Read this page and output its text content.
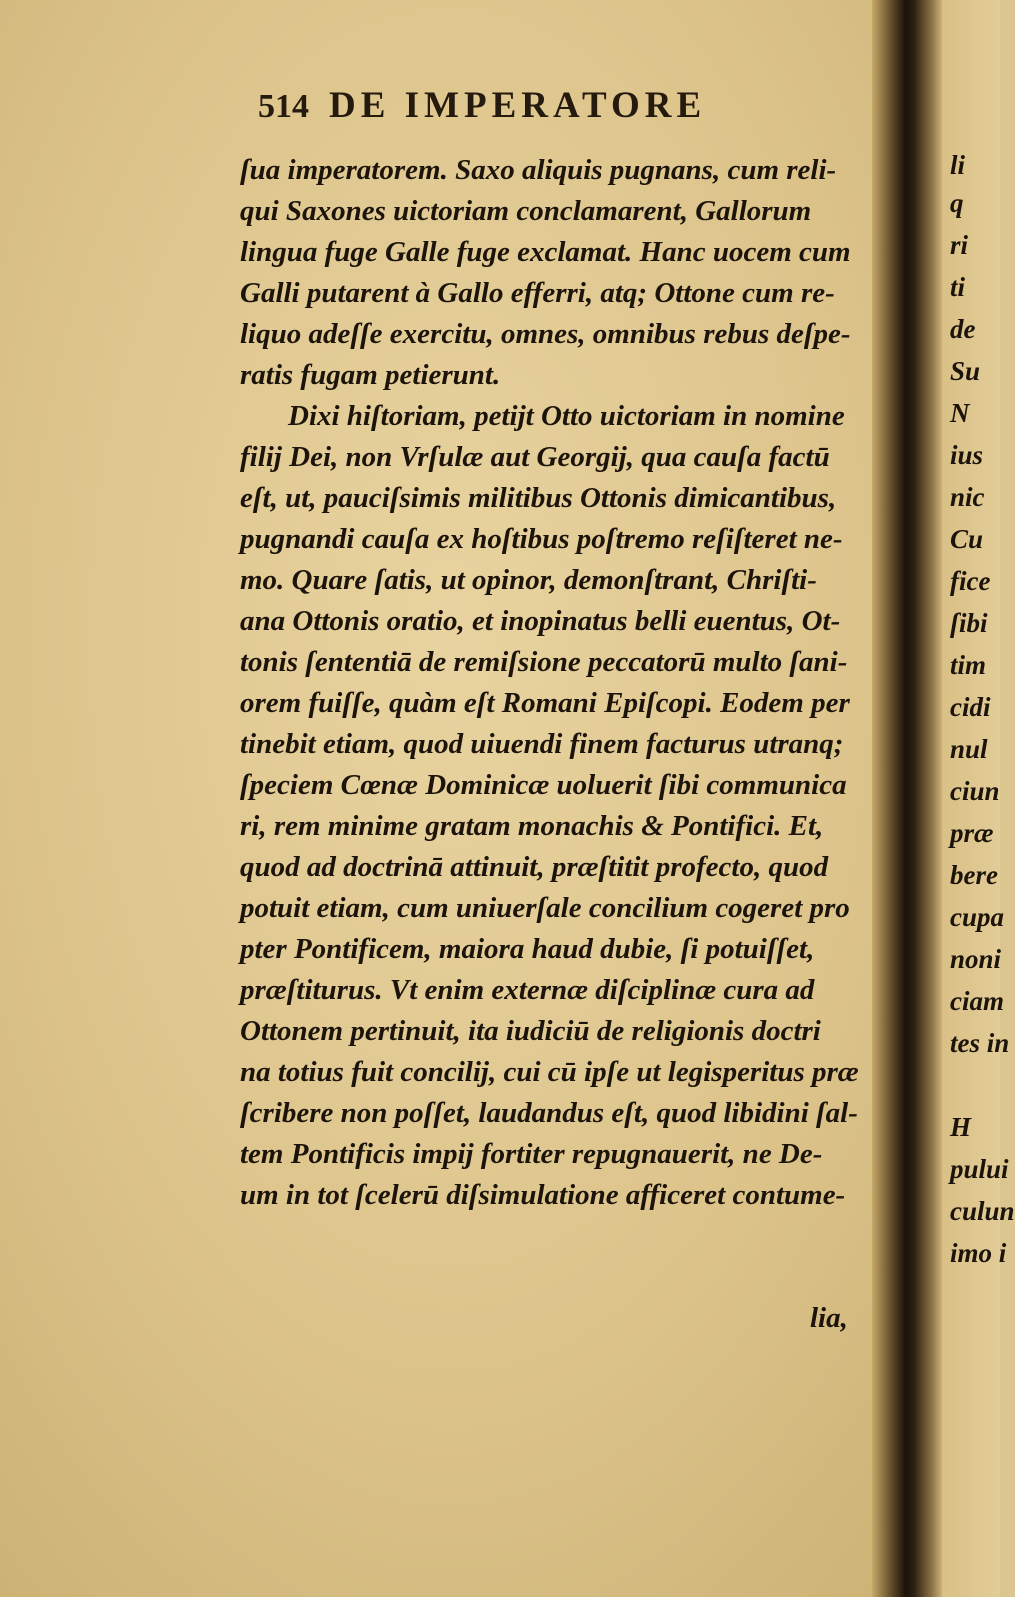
514 DE IMPERATORE
ſua imperatorem. Saxo aliquis pugnans, cum reli-
qui Saxones uictoriam conclamarent, Gallorum
lingua fuge Galle fuge exclamat. Hanc uocem cum
Galli putarent à Gallo efferri, atq; Ottone cum re-
liquo adeſſe exercitu, omnes, omnibus rebus deſpe-
ratis fugam petierunt.
Dixi hiſtoriam, petijt Otto uictoriam in nomine
filij Dei, non Vrſulæ aut Georgij, qua cauſa factū
eſt, ut, pauciſsimis militibus Ottonis dimicantibus,
pugnandi cauſa ex hoſtibus poſtremo reſiſteret ne-
mo. Quare ſatis, ut opinor, demonſtrant, Chriſti-
ana Ottonis oratio, et inopinatus belli euentus, Ot-
tonis ſententiā de remiſsione peccatorū multo ſani-
orem fuiſſe, quàm eſt Romani Epiſcopi. Eodem per
tinebit etiam, quod uiuendi finem facturus utranq;
ſpeciem Cœnæ Dominicæ uoluerit ſibi communica
ri, rem minime gratam monachis & Pontifici. Et,
quod ad doctrinā attinuit, præſtitit profecto, quod
potuit etiam, cum uniuerſale concilium cogeret pro
pter Pontificem, maiora haud dubie, ſi potuiſſet,
præſtiturus. Vt enim externæ diſciplinæ cura ad
Ottonem pertinuit, ita iudiciū de religionis doctri
na totius fuit concilij, cui cū ipſe ut legisperitus præ
ſcribere non poſſet, laudandus eſt, quod libidini ſal-
tem Pontificis impij fortiter repugnauerit, ne De-
um in tot ſcelerū diſsimulatione afficeret contume-
lia,
li
q
ri
ti
de
Su
N
ius
nic
Cu
fice
ſibi
tim
cidi
nul
ciun
præ
bere
cupa
noni
ciam
tes in
H
pului
culun
imo i
